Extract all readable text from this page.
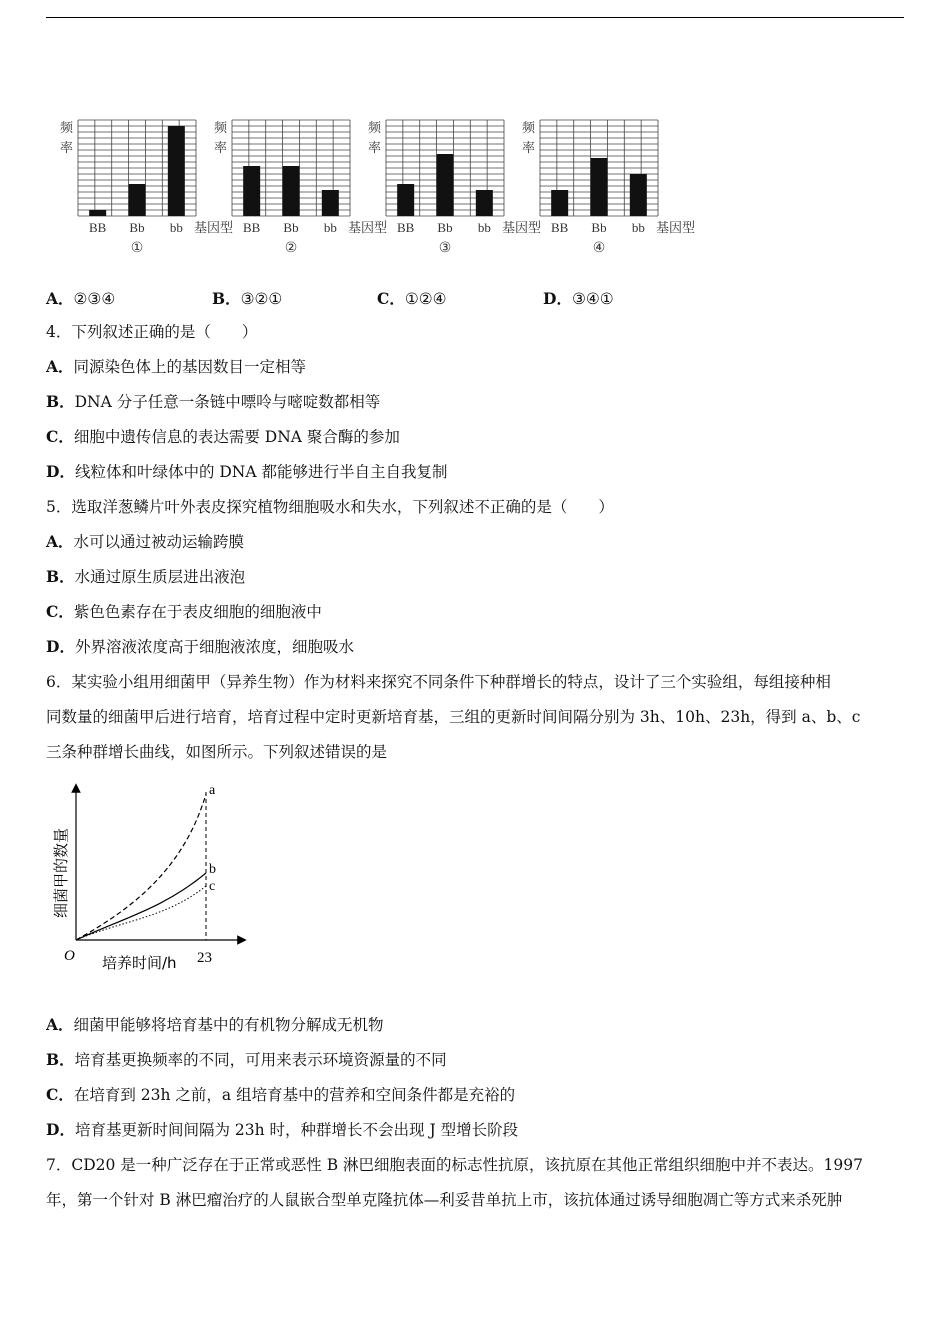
频
率
BB Bb bb 基因型
①
频
率
BB Bb bb 基因型
②
频
率
BB Bb bb 基因型
③
频
率
BB Bb bb 基因型
④
A．②③④	B．③②①	C．①②④	D．③④①
4．下列叙述正确的是（　　）
A．同源染色体上的基因数目一定相等
B．DNA 分子任意一条链中嘌呤与嘧啶数都相等
C．细胞中遗传信息的表达需要 DNA 聚合酶的参加
D．线粒体和叶绿体中的 DNA 都能够进行半自主自我复制
5．选取洋葱鳞片叶外表皮探究植物细胞吸水和失水，下列叙述不正确的是（　　）
A．水可以通过被动运输跨膜
B．水通过原生质层进出液泡
C．紫色色素存在于表皮细胞的细胞液中
D．外界溶液浓度高于细胞液浓度，细胞吸水
6．某实验小组用细菌甲（异养生物）作为材料来探究不同条件下种群增长的特点，设计了三个实验组，每组接种相
同数量的细菌甲后进行培育，培育过程中定时更新培育基，三组的更新时间间隔分别为 3h、10h、23h，得到 a、b、c
三条种群增长曲线，如图所示。下列叙述错误的是
a
b
c
O 培养时间/h 23
细菌甲的数量
A．细菌甲能够将培育基中的有机物分解成无机物
B．培育基更换频率的不同，可用来表示环境资源量的不同
C．在培育到 23h 之前，a 组培育基中的营养和空间条件都是充裕的
D．培育基更新时间间隔为 23h 时，种群增长不会出现 J 型增长阶段
7．CD20 是一种广泛存在于正常或恶性 B 淋巴细胞表面的标志性抗原，该抗原在其他正常组织细胞中并不表达。1997
年，第一个针对 B 淋巴瘤治疗的人鼠嵌合型单克隆抗体—利妥昔单抗上市，该抗体通过诱导细胞凋亡等方式来杀死肿
